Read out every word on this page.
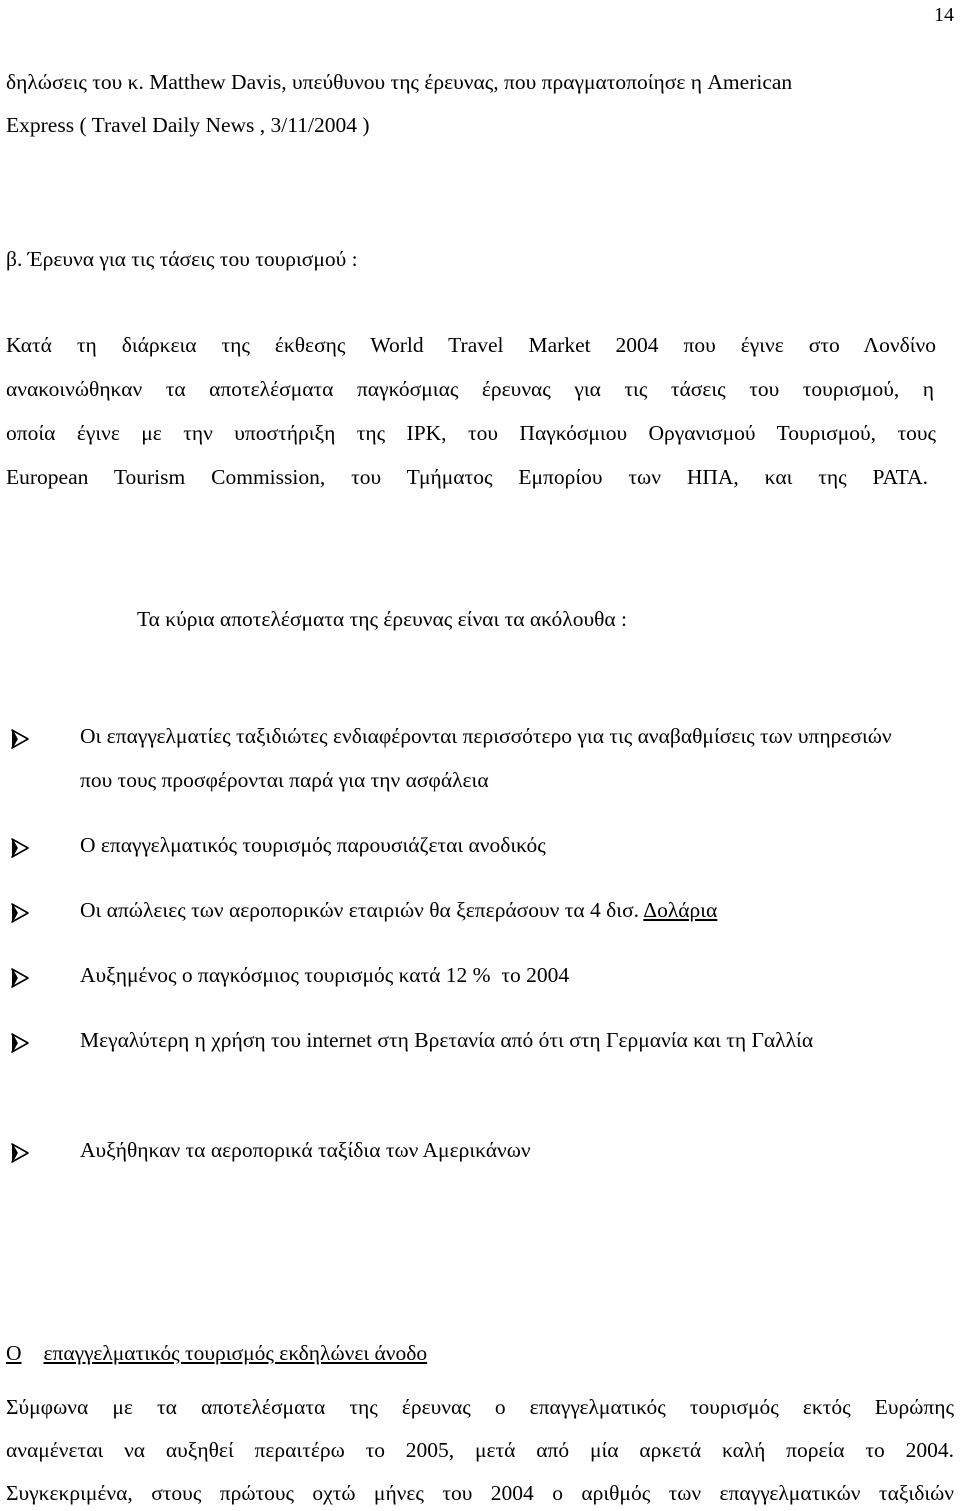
14
δηλώσεις του κ. Matthew Davis, υπεύθυνου της έρευνας, που πραγματοποίησε η American
Express ( Travel Daily News , 3/11/2004 )
β. Έρευνα για τις τάσεις του τουρισμού :
Κατά τη διάρκεια της έκθεσης World Travel Market 2004 που έγινε στο Λονδίνο
ανακοινώθηκαν τα αποτελέσματα παγκόσμιας έρευνας για τις τάσεις του τουρισμού, η
οποία έγινε με την υποστήριξη της IPK, του Παγκόσμιου Οργανισμού Τουρισμού, τους
European Tourism Commission, του Τμήματος Εμπορίου των ΗΠΑ, και της PATA.
Τα κύρια αποτελέσματα της έρευνας είναι τα ακόλουθα :
Οι επαγγελματίες ταξιδιώτες ενδιαφέρονται περισσότερο για τις αναβαθμίσεις των υπηρεσιών που τους προσφέρονται παρά για την ασφάλεια
Ο επαγγελματικός τουρισμός παρουσιάζεται ανοδικός
Οι απώλειες των αεροπορικών εταιριών θα ξεπεράσουν τα 4 δισ. Δολάρια
Αυξημένος ο παγκόσμιος τουρισμός κατά 12 %  το 2004
Μεγαλύτερη η χρήση του internet στη Βρετανία από ότι στη Γερμανία και τη Γαλλία
Αυξήθηκαν τα αεροπορικά ταξίδια των Αμερικάνων
Ο επαγγελματικός τουρισμός εκδηλώνει άνοδο
Σύμφωνα με τα αποτελέσματα της έρευνας ο επαγγελματικός τουρισμός εκτός Ευρώπης
αναμένεται να αυξηθεί περαιτέρω το 2005, μετά από μία αρκετά καλή πορεία το 2004.
Συγκεκριμένα, στους πρώτους οχτώ μήνες του 2004 ο αριθμός των επαγγελματικών ταξιδιών
